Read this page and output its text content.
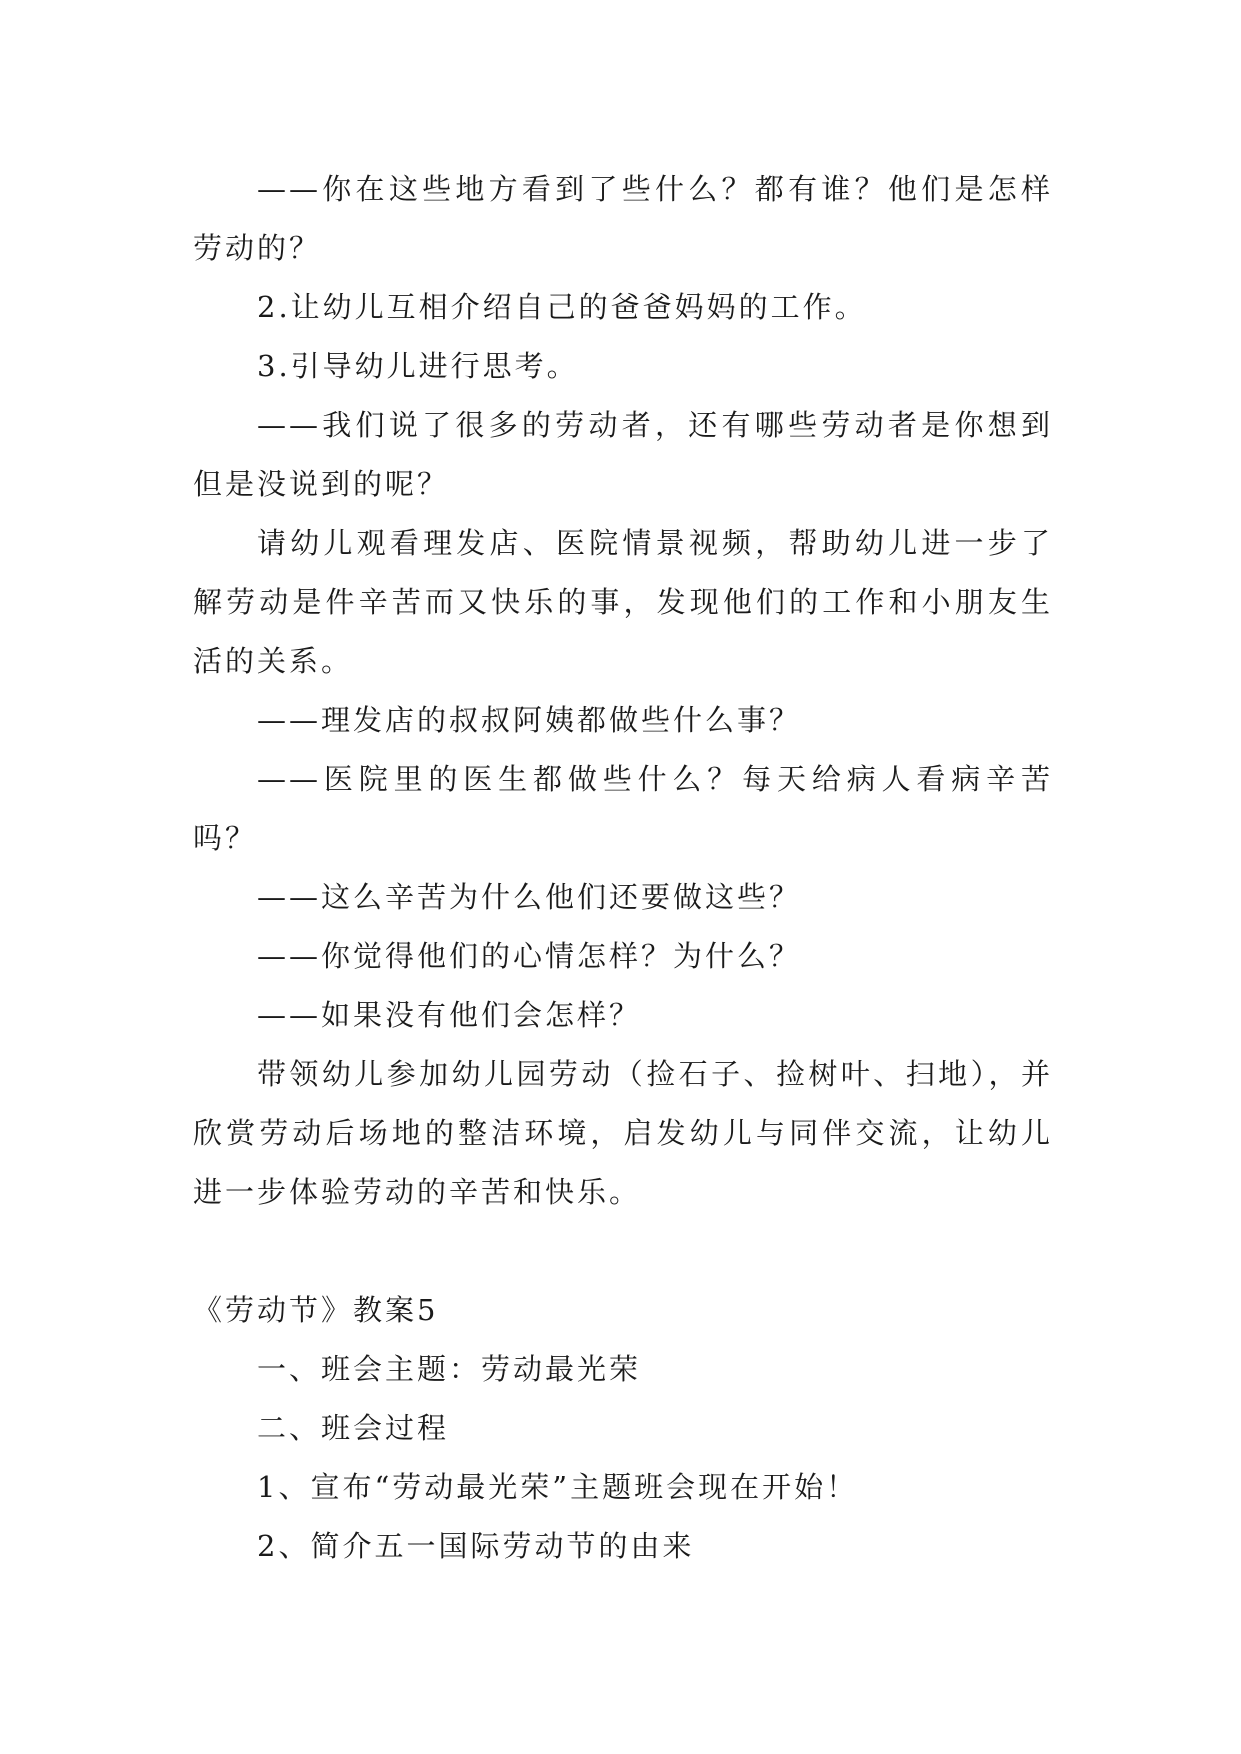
——你在这些地方看到了些什么？都有谁？他们是怎样劳动的？

2.让幼儿互相介绍自己的爸爸妈妈的工作。

3.引导幼儿进行思考。

——我们说了很多的劳动者，还有哪些劳动者是你想到但是没说到的呢？

请幼儿观看理发店、医院情景视频，帮助幼儿进一步了解劳动是件辛苦而又快乐的事，发现他们的工作和小朋友生活的关系。

——理发店的叔叔阿姨都做些什么事？

——医院里的医生都做些什么？每天给病人看病辛苦吗？

——这么辛苦为什么他们还要做这些？

——你觉得他们的心情怎样？为什么？

——如果没有他们会怎样？

带领幼儿参加幼儿园劳动（捡石子、捡树叶、扫地），并欣赏劳动后场地的整洁环境，启发幼儿与同伴交流，让幼儿进一步体验劳动的辛苦和快乐。

《劳动节》教案5

一、班会主题：劳动最光荣

二、班会过程

1、宣布“劳动最光荣”主题班会现在开始！

2、简介五一国际劳动节的由来
